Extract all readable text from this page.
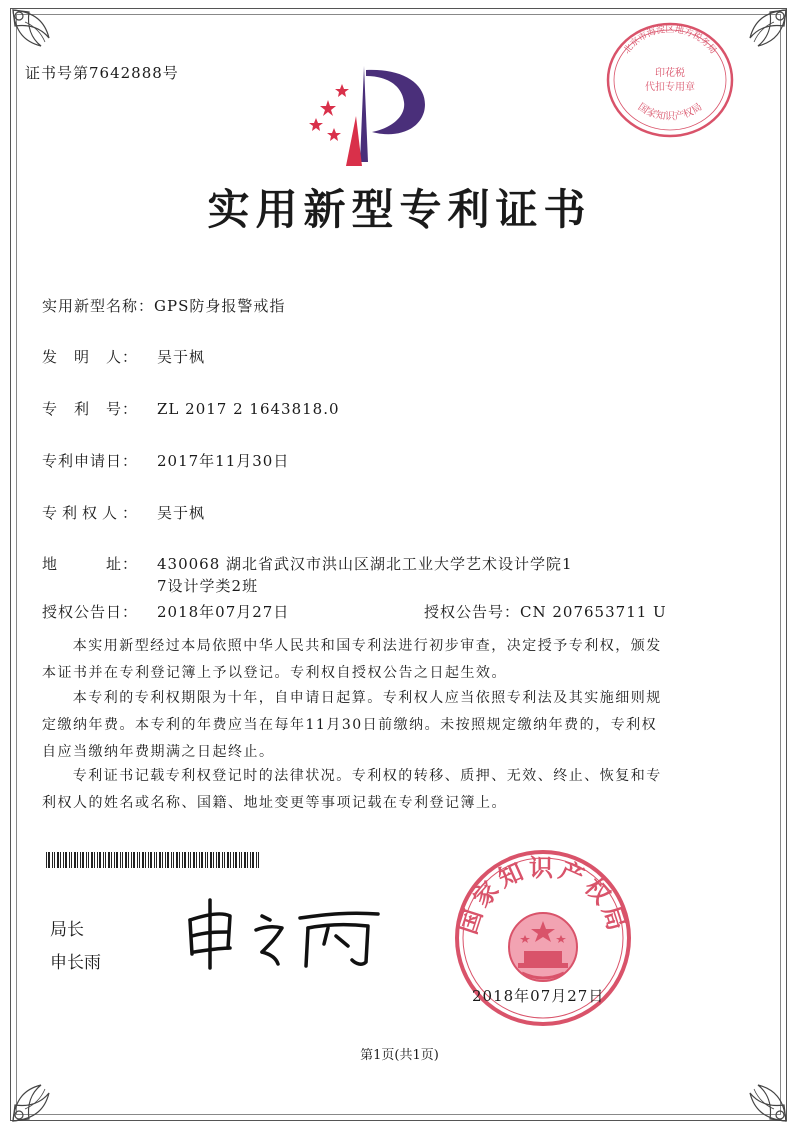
证书号第7642888号
北京市海淀区地方税务局
印花税
代扣专用章
国家知识产权局
实用新型专利证书
实用新型名称：GPS防身报警戒指
发　明　人： 吴于枫
专　利　号： ZL 2017 2 1643818.0
专利申请日： 2017年11月30日
专利权人： 吴于枫
地　　　址： 430068 湖北省武汉市洪山区湖北工业大学艺术设计学院1
7设计学类2班
授权公告日： 2018年07月27日	授权公告号：CN 207653711 U
本实用新型经过本局依照中华人民共和国专利法进行初步审查，决定授予专利权，颁发
本证书并在专利登记簿上予以登记。专利权自授权公告之日起生效。
本专利的专利权期限为十年，自申请日起算。专利权人应当依照专利法及其实施细则规
定缴纳年费。本专利的年费应当在每年11月30日前缴纳。未按照规定缴纳年费的，专利权
自应当缴纳年费期满之日起终止。
专利证书记载专利权登记时的法律状况。专利权的转移、质押、无效、终止、恢复和专
利权人的姓名或名称、国籍、地址变更等事项记载在专利登记簿上。
局长
申长雨
国家知识产权局
2018年07月27日
第1页(共1页)
